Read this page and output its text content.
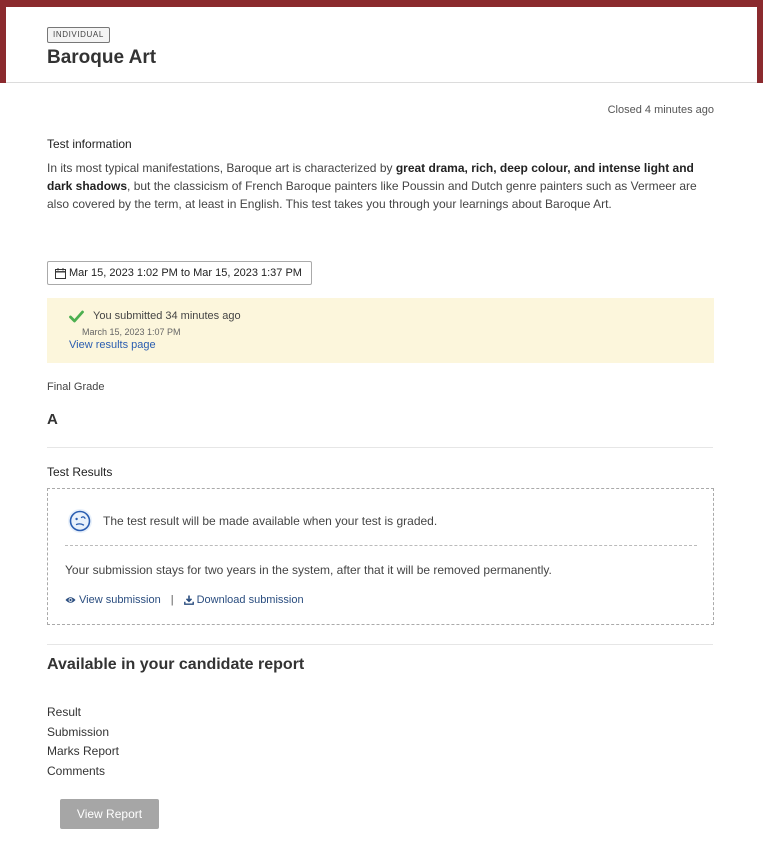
INDIVIDUAL
Baroque Art
Closed 4 minutes ago
Test information

In its most typical manifestations, Baroque art is characterized by great drama, rich, deep colour, and intense light and dark shadows, but the classicism of French Baroque painters like Poussin and Dutch genre painters such as Vermeer are also covered by the term, at least in English. This test takes you through your learnings about Baroque Art.

Mar 15, 2023 1:02 PM to Mar 15, 2023 1:37 PM
You submitted 34 minutes ago
March 15, 2023 1:07 PM
View results page
Final Grade
A
Test Results
The test result will be made available when your test is graded.
Your submission stays for two years in the system, after that it will be removed permanently.
View submission | Download submission
Available in your candidate report
Result
Submission
Marks Report
Comments
View Report
